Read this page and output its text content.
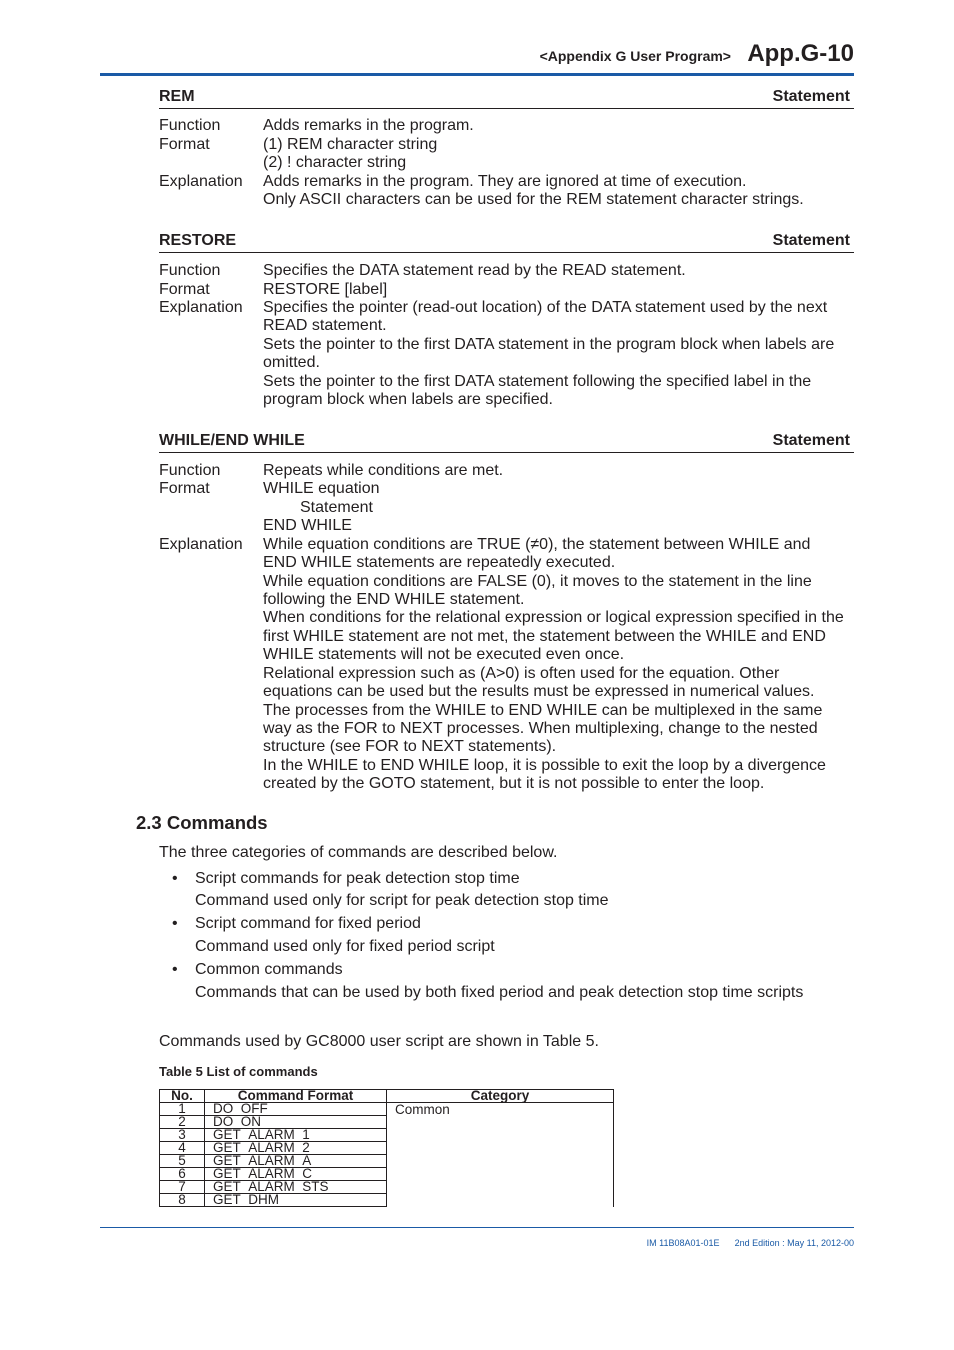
<Appendix G User Program> App.G-10
REM	Statement
Function	Adds remarks in the program.
Format	(1) REM character string
(2) ! character string
Explanation Adds remarks in the program. They are ignored at time of execution.
Only ASCII characters can be used for the REM statement character strings.
RESTORE	Statement
Function	Specifies the DATA statement read by the READ statement.
Format	RESTORE [label]
Explanation Specifies the pointer (read-out location) of the DATA statement used by the next
READ statement.
Sets the pointer to the first DATA statement in the program block when labels are
omitted.
Sets the pointer to the first DATA statement following the specified label in the
program block when labels are specified.
WHILE/END WHILE	Statement
Function	Repeats while conditions are met.
Format	WHILE equation
Statement
END WHILE
Explanation While equation conditions are TRUE (≠0), the statement between WHILE and
END WHILE statements are repeatedly executed.
While equation conditions are FALSE (0), it moves to the statement in the line
following the END WHILE statement.
When conditions for the relational expression or logical expression specified in the
first WHILE statement are not met, the statement between the WHILE and END
WHILE statements will not be executed even once.
Relational expression such as (A>0) is often used for the equation. Other
equations can be used but the results must be expressed in numerical values.
The processes from the WHILE to END WHILE can be multiplexed in the same
way as the FOR to NEXT processes. When multiplexing, change to the nested
structure (see FOR to NEXT statements).
In the WHILE to END WHILE loop, it is possible to exit the loop by a divergence
created by the GOTO statement, but it is not possible to enter the loop.
2.3 Commands
The three categories of commands are described below.
• Script commands for peak detection stop time
Command used only for script for peak detection stop time
• Script command for fixed period
Command used only for fixed period script
• Common commands
Commands that can be used by both fixed period and peak detection stop time scripts
Commands used by GC8000 user script are shown in Table 5.
Table 5 List of commands
No.	Command Format	Category
1	DO_OFF	Common
2	DO_ON	
3	GET_ALARM_1	
4	GET_ALARM_2	
5	GET_ALARM_A	
6	GET_ALARM_C	
7	GET_ALARM_STS	
8	GET_DHM	
IM 11B08A01-01E 2nd Edition : May 11, 2012-00
